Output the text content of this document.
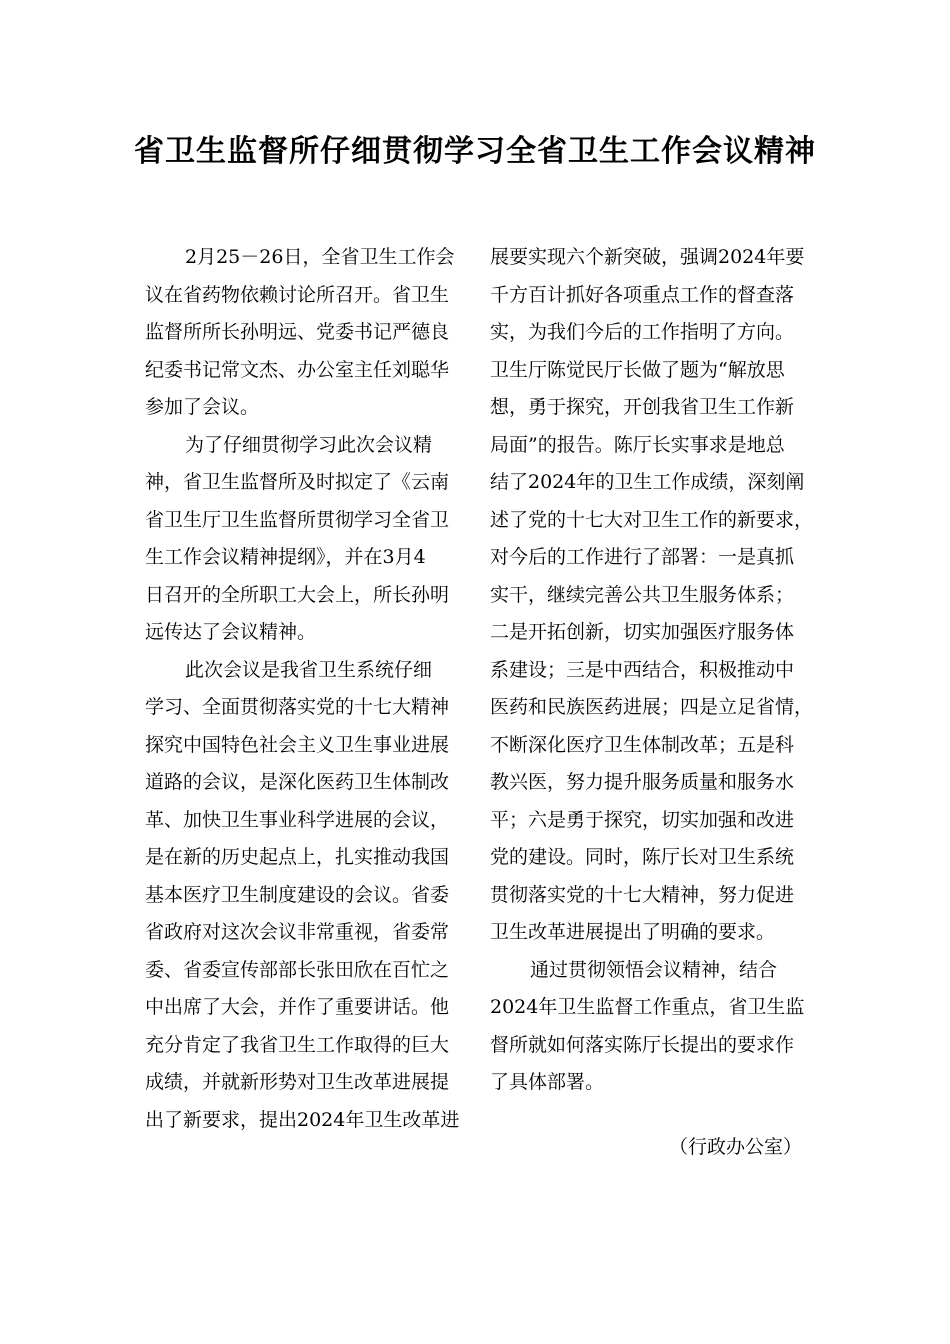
省卫生监督所仔细贯彻学习全省卫生工作会议精神
2月25－26日，全省卫生工作会
议在省药物依赖讨论所召开。省卫生
监督所所长孙明远、党委书记严德良
纪委书记常文杰、办公室主任刘聪华
参加了会议。
为了仔细贯彻学习此次会议精
神，省卫生监督所及时拟定了《云南
省卫生厅卫生监督所贯彻学习全省卫
生工作会议精神提纲》，并在3月4
日召开的全所职工大会上，所长孙明
远传达了会议精神。
此次会议是我省卫生系统仔细
学习、全面贯彻落实党的十七大精神
探究中国特色社会主义卫生事业进展
道路的会议，是深化医药卫生体制改
革、加快卫生事业科学进展的会议，
是在新的历史起点上，扎实推动我国
基本医疗卫生制度建设的会议。省委
省政府对这次会议非常重视，省委常
委、省委宣传部部长张田欣在百忙之
中出席了大会，并作了重要讲话。他
充分肯定了我省卫生工作取得的巨大
成绩，并就新形势对卫生改革进展提
出了新要求，提出2024年卫生改革进
展要实现六个新突破，强调2024年要
千方百计抓好各项重点工作的督查落
实，为我们今后的工作指明了方向。
卫生厅陈觉民厅长做了题为“解放思
想，勇于探究，开创我省卫生工作新
局面”的报告。陈厅长实事求是地总
结了2024年的卫生工作成绩，深刻阐
述了党的十七大对卫生工作的新要求，
对今后的工作进行了部署：一是真抓
实干，继续完善公共卫生服务体系；
二是开拓创新，切实加强医疗服务体
系建设；三是中西结合，积极推动中
医药和民族医药进展；四是立足省情，
不断深化医疗卫生体制改革；五是科
教兴医，努力提升服务质量和服务水
平；六是勇于探究，切实加强和改进
党的建设。同时，陈厅长对卫生系统
贯彻落实党的十七大精神，努力促进
卫生改革进展提出了明确的要求。
通过贯彻领悟会议精神，结合
2024年卫生监督工作重点，省卫生监
督所就如何落实陈厅长提出的要求作
了具体部署。
（行政办公室）
